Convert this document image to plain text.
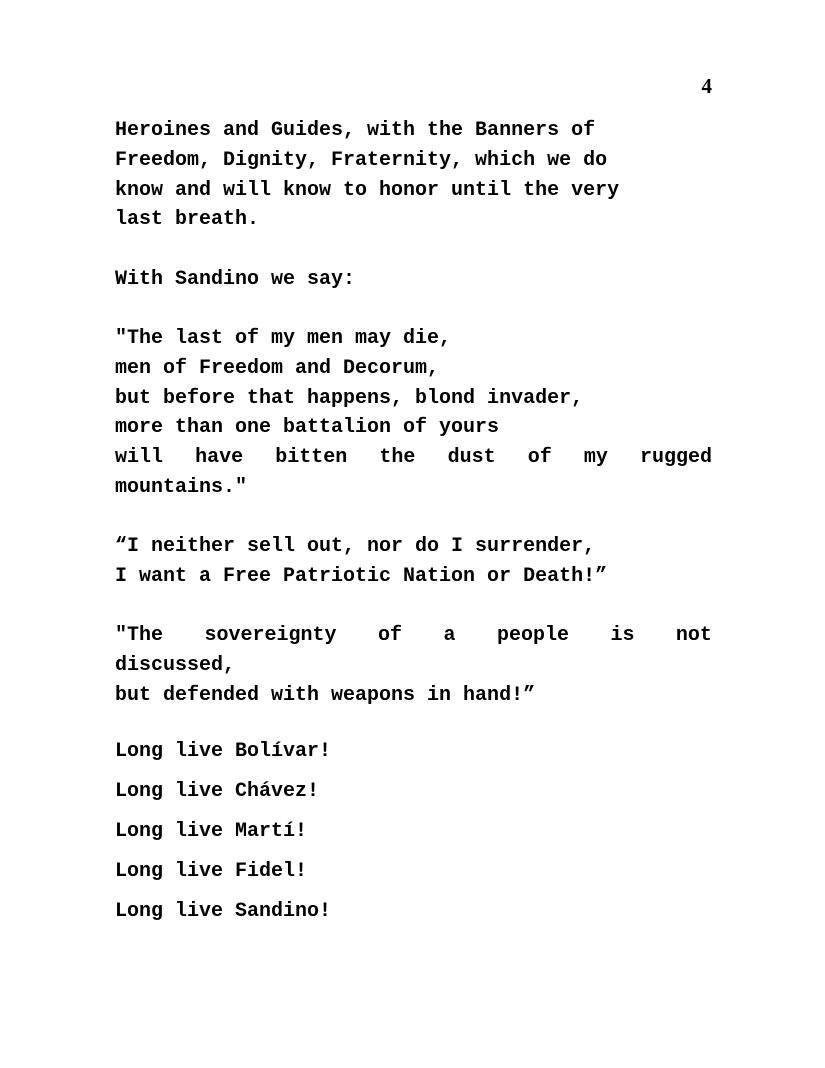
4
Heroines and Guides, with the Banners of
Freedom, Dignity, Fraternity, which we do
know and will know to honor until the very
last breath.
With Sandino we say:
"The last of my men may die,
men of Freedom and Decorum,
but before that happens, blond invader,
more than one battalion of yours
will have bitten the dust of my rugged
mountains."
“I neither sell out, nor do I surrender,
I want a Free Patriotic Nation or Death!”
"The sovereignty of a people is not
discussed,
but defended with weapons in hand!”
Long live Bolívar!
Long live Chávez!
Long live Martí!
Long live Fidel!
Long live Sandino!
